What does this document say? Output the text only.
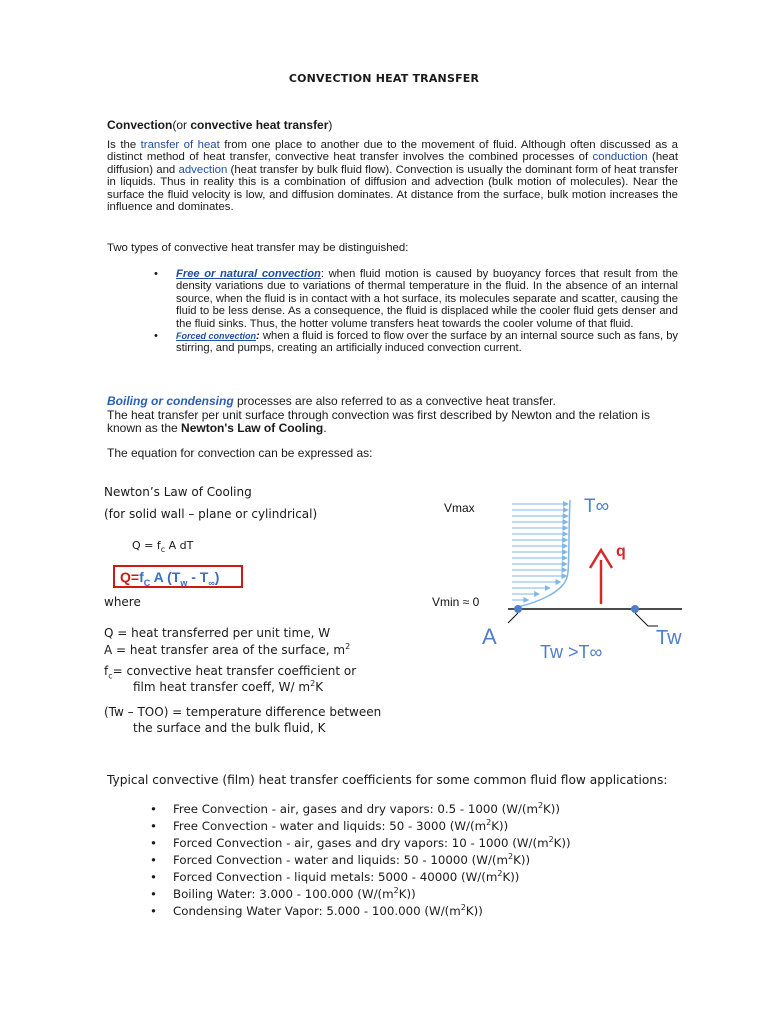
CONVECTION HEAT TRANSFER
Convection(or convective heat transfer)
Is the transfer of heat from one place to another due to the movement of fluid. Although often discussed as a distinct method of heat transfer, convective heat transfer involves the combined processes of conduction (heat diffusion) and advection (heat transfer by bulk fluid flow). Convection is usually the dominant form of heat transfer in liquids. Thus in reality this is a combination of diffusion and advection (bulk motion of molecules). Near the surface the fluid velocity is low, and diffusion dominates. At distance from the surface, bulk motion increases the influence and dominates.
Two types of convective heat transfer may be distinguished:
• Free or natural convection: when fluid motion is caused by buoyancy forces that result from the density variations due to variations of thermal temperature in the fluid. In the absence of an internal source, when the fluid is in contact with a hot surface, its molecules separate and scatter, causing the fluid to be less dense. As a consequence, the fluid is displaced while the cooler fluid gets denser and the fluid sinks. Thus, the hotter volume transfers heat towards the cooler volume of that fluid.
• Forced convection: when a fluid is forced to flow over the surface by an internal source such as fans, by stirring, and pumps, creating an artificially induced convection current.
Boiling or condensing processes are also referred to as a convective heat transfer.
The heat transfer per unit surface through convection was first described by Newton and the relation is known as the Newton's Law of Cooling.
The equation for convection can be expressed as:
Newton’s Law of Cooling
(for solid wall – plane or cylindrical)
$Q = f_c$ A dT
$Q=f_C$ A $(T_w - T_\infty)$
where
Q = heat transferred per unit time, W
A = heat transfer area of the surface, $m^2$
$f_c=$ convective heat transfer coefficient or
film heat transfer coeff, W/ $m^2K$
(Tw – TOO) = temperature difference between
the surface and the bulk fluid, K
Vmax
Vmin ≈ 0
T∞
q
A	Tw
Tw >T∞
Typical convective (film) heat transfer coefficients for some common fluid flow applications:
• Free Convection - air, gases and dry vapors: 0.5 - 1000 $(W/(m^2K))$
• Free Convection - water and liquids: 50 - 3000 $(W/(m^2K))$
• Forced Convection - air, gases and dry vapors: 10 - 1000 $(W/(m^2K))$
• Forced Convection - water and liquids: 50 - 10000 $(W/(m^2K))$
• Forced Convection - liquid metals: 5000 - 40000 $(W/(m^2K))$
• Boiling Water: 3.000 - 100.000 $(W/(m^2K))$
• Condensing Water Vapor: 5.000 - 100.000 $(W/(m^2K))$
